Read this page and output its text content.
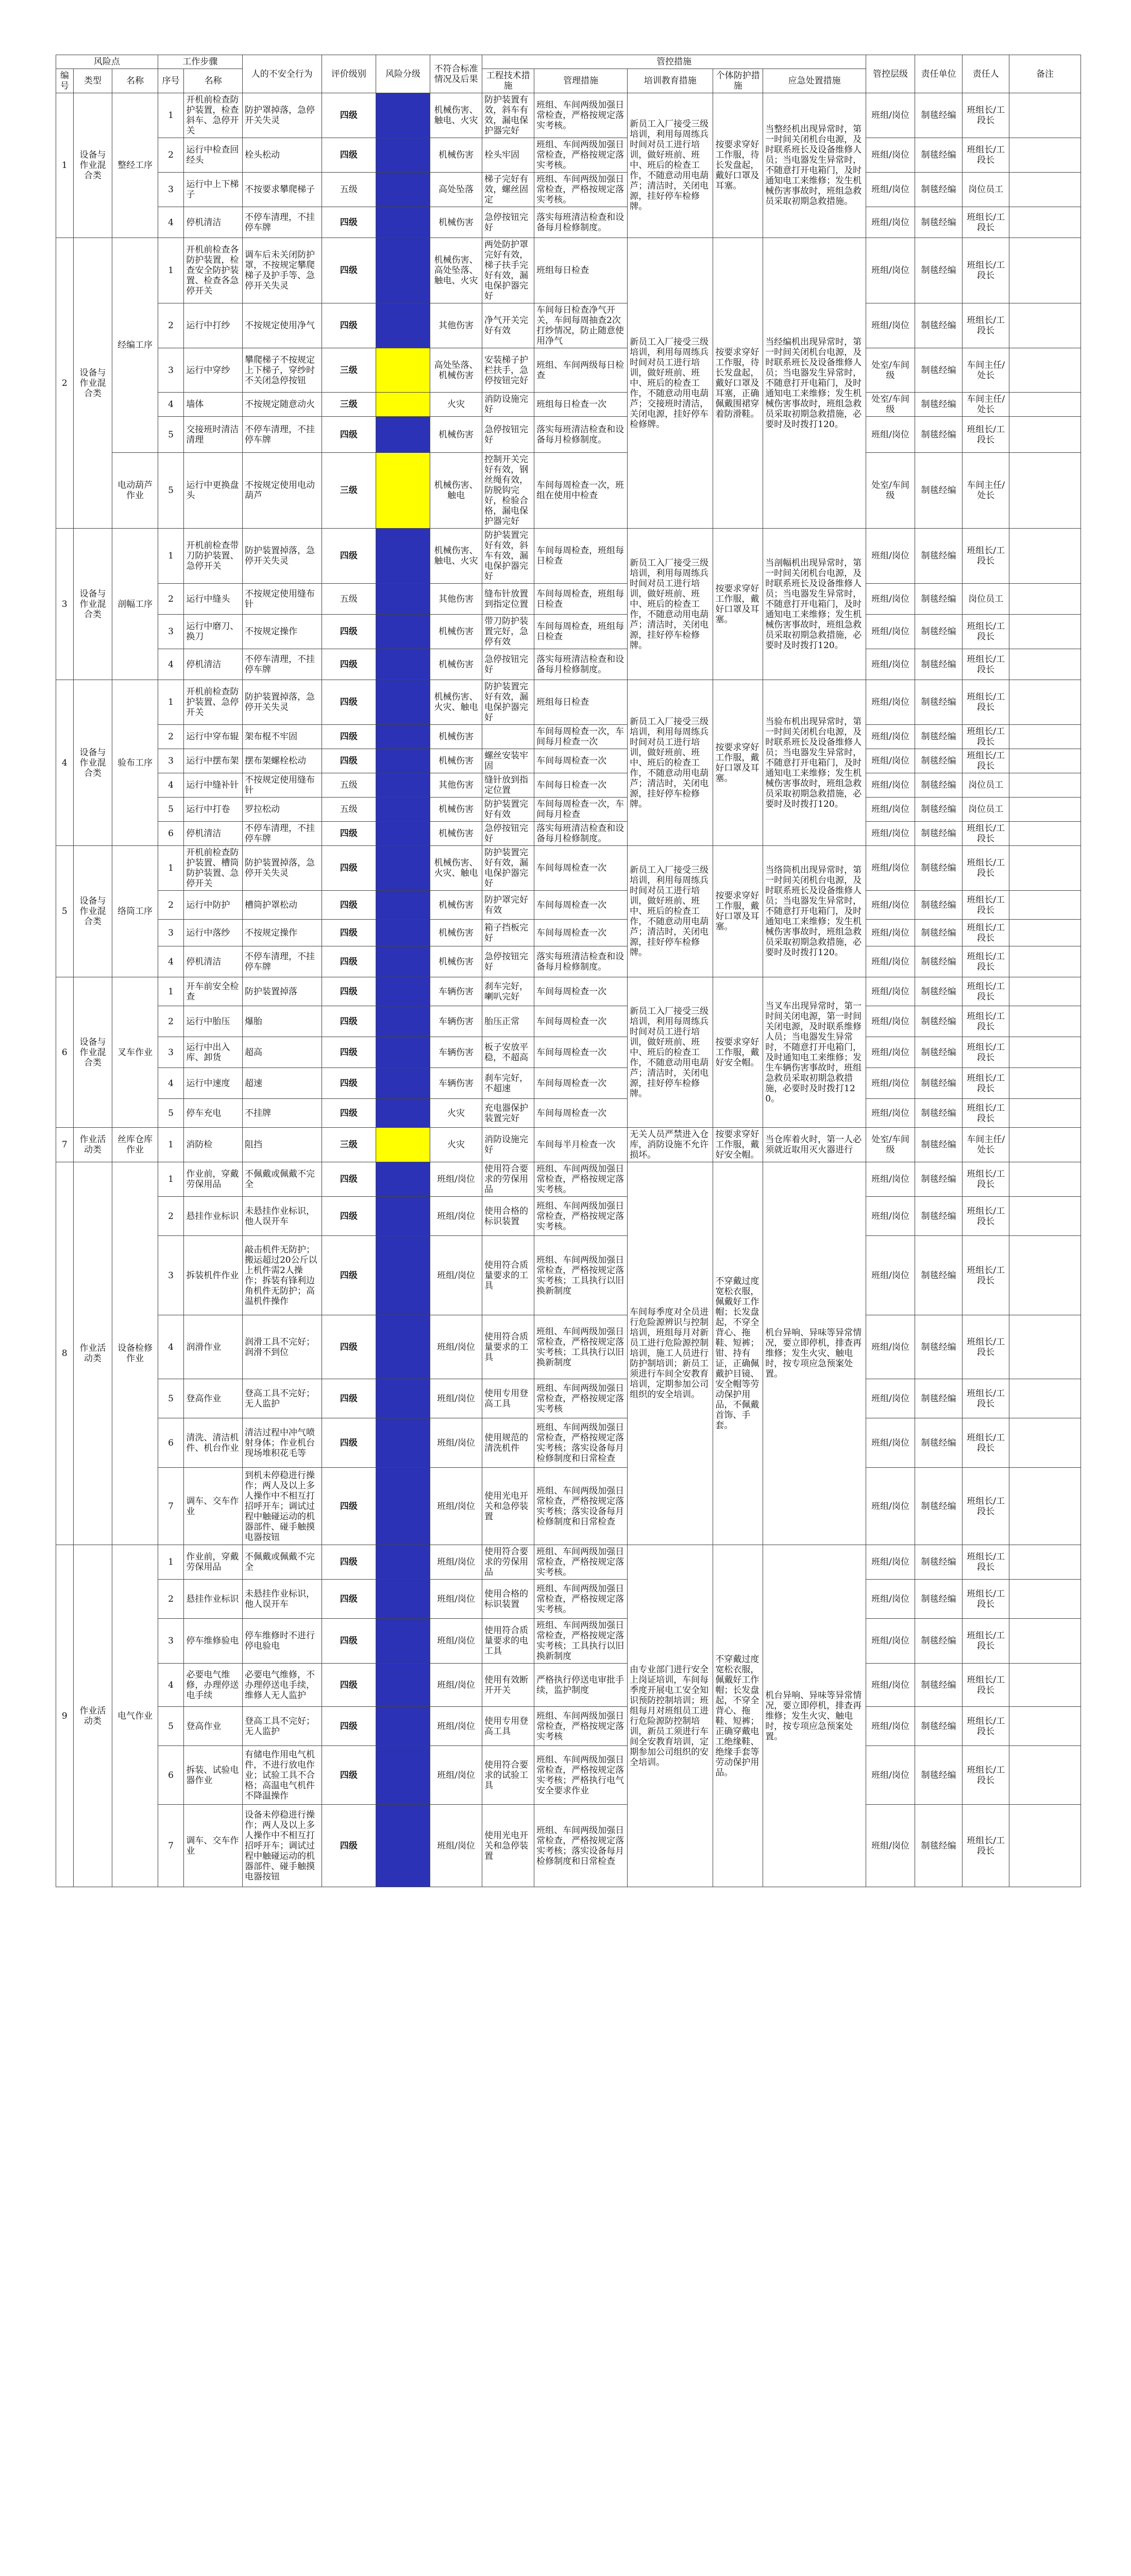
风险点			工作步骤		人的不安全行为	评价级别	风险分级	不符合标准情况及后果	管控措施					管控层级	责任单位	责任人	备注
编号	类型	名称	序号	名称					工程技术措施	管理措施	培训教育措施	个体防护措施	应急处置措施				
1	设备与作业混合类	整经工序	1	开机前检查防护装置，检查斜车、急停开关	防护罩掉落，急停开关失灵	四级		机械伤害、触电、火灾	防护装置有效，斜车有效，漏电保护器完好	班组、车间两级加强日常检查，严格按规定落实考核。	新员工入厂接受三级培训，利用每周练兵时间对员工进行培训，做好班前、班中、班后的检查工作，不随意动用电葫芦；清洁时，关闭电源，挂好停车检修牌。	按要求穿好工作服，待长发盘起，戴好口罩及耳塞。	当整经机出现异常时，第一时间关闭机台电源，及时联系班长及设备维修人员；当电器发生异常时，不随意打开电箱门，及时通知电工来维修；发生机械伤害事故时，班组急救员采取初期急救措施。	班组/岗位	制毯经编	班组长/工段长	
			2	运行中检查回经头	栓头松动	四级		机械伤害	栓头牢固	班组、车间两级加强日常检查，严格按规定落实考核。				班组/岗位	制毯经编	班组长/工段长	
			3	运行中上下梯子	不按要求攀爬梯子	五级		高处坠落	梯子完好有效，螺丝固定	班组、车间两级加强日常检查，严格按规定落实考核。				班组/岗位	制毯经编	岗位员工	
			4	停机清洁	不停车清理，不挂停车牌	四级		机械伤害	急停按钮完好	落实每班清洁检查和设备每月检修制度。				班组/岗位	制毯经编	班组长/工段长	
2	设备与作业混合类	经编工序	1	开机前检查各防护装置，检查安全防护装置、检查各急停开关	调车后未关闭防护罩，不按规定攀爬梯子及护手等、急停开关失灵	四级		机械伤害、高处坠落、触电、火灾	两处防护罩完好有效，梯子扶手完好有效，漏电保护器完好	班组每日检查	新员工入厂接受三级培训，利用每周练兵时间对员工进行培训，做好班前、班中、班后的检查工作，不随意动用电葫芦；交接班时清洁，关闭电源，挂好停车检修牌。	按要求穿好工作服，待长发盘起，戴好口罩及耳塞，正确佩戴围裙穿着防滑鞋。	当经编机出现异常时，第一时间关闭机台电源，及时联系班长及设备维修人员；当电器发生异常时，不随意打开电箱门，及时通知电工来维修；发生机械伤害事故时，班组急救员采取初期急救措施，必要时及时拨打120。	班组/岗位	制毯经编	班组长/工段长	
			2	运行中打纱	不按规定使用净气	四级		其他伤害	净气开关完好有效	车间每日检查净气开关，车间每周抽查2次打纱情况，防止随意使用净气				班组/岗位	制毯经编	班组长/工段长	
			3	运行中穿纱	攀爬梯子不按规定上下梯子，穿纱时不关闭急停按钮	三级		高处坠落、机械伤害	安装梯子护栏扶手，急停按钮完好	班组、车间两级每日检查				处室/车间级	制毯经编	车间主任/处长	
			4	墙体	不按规定随意动火	三级		火灾	消防设施完好	班组每日检查一次				处室/车间级	制毯经编	车间主任/处长	
			5	交接班时清洁清理	不停车清理，不挂停车牌	四级		机械伤害	急停按钮完好	落实每班清洁检查和设备每月检修制度。				班组/岗位	制毯经编	班组长/工段长	
		电动葫芦作业	5	运行中更换盘头	不按规定使用电动葫芦	三级		机械伤害、触电	控制开关完好有效，钢丝绳有效，防脱钩完好，检验合格，漏电保护器完好	车间每周检查一次，班组在使用中检查				处室/车间级	制毯经编	车间主任/处长	
3	设备与作业混合类	剖幅工序	1	开机前检查带刀防护装置、急停开关	防护装置掉落，急停开关失灵	四级		机械伤害、触电、火灾	防护装置完好有效，斜车有效，漏电保护器完好	车间每周检查，班组每日检查	新员工入厂接受三级培训，利用每周练兵时间对员工进行培训，做好班前、班中、班后的检查工作，不随意动用电葫芦；清洁时，关闭电源，挂好停车检修牌。	按要求穿好工作服，戴好口罩及耳塞。	当剖幅机出现异常时，第一时间关闭机台电源，及时联系班长及设备维修人员；当电器发生异常时，不随意打开电箱门，及时通知电工来维修；发生机械伤害事故时，班组急救员采取初期急救措施，必要时及时拨打120。	班组/岗位	制毯经编	班组长/工段长	
			2	运行中缝头	不按规定使用缝布针	五级		其他伤害	缝布针放置到指定位置	车间每周检查，班组每日检查				班组/岗位	制毯经编	岗位员工	
			3	运行中磨刀、换刀	不按规定操作	四级		机械伤害	带刀防护装置完好，急停有效	车间每周检查，班组每日检查				班组/岗位	制毯经编	班组长/工段长	
			4	停机清洁	不停车清理，不挂停车牌	四级		机械伤害	急停按钮完好	落实每班清洁检查和设备每月检修制度。				班组/岗位	制毯经编	班组长/工段长	
4	设备与作业混合类	验布工序	1	开机前检查防护装置、急停开关	防护装置掉落，急停开关失灵	四级		机械伤害、火灾、触电	防护装置完好有效，漏电保护器完好	班组每日检查	新员工入厂接受三级培训，利用每周练兵时间对员工进行培训，做好班前、班中、班后的检查工作，不随意动用电葫芦；清洁时，关闭电源，挂好停车检修牌。	按要求穿好工作服，戴好口罩及耳塞。	当验布机出现异常时，第一时间关闭机台电源，及时联系班长及设备维修人员；当电器发生异常时，不随意打开电箱门，及时通知电工来维修；发生机械伤害事故时，班组急救员采取初期急救措施，必要时及时拨打120。	班组/岗位	制毯经编	班组长/工段长	
			2	运行中穿布辊	架布棍不牢固	四级		机械伤害		车间每周检查一次，车间每月检查一次				班组/岗位	制毯经编	班组长/工段长	
			3	运行中摆布架	摆布架螺栓松动	四级		机械伤害	螺丝安装牢固	车间每周检查一次				班组/岗位	制毯经编	班组长/工段长	
			4	运行中缝补针	不按规定使用缝布针	五级		其他伤害	缝针放到指定位置	车间每日检查一次				班组/岗位	制毯经编	岗位员工	
			5	运行中打卷	罗拉松动	五级		机械伤害	防护装置完好有效	车间每周检查一次，车间每月检查				班组/岗位	制毯经编	岗位员工	
			6	停机清洁	不停车清理，不挂停车牌	四级		机械伤害	急停按钮完好	落实每班清洁检查和设备每月检修制度。				班组/岗位	制毯经编	班组长/工段长	
5	设备与作业混合类	络筒工序	1	开机前检查防护装置、槽筒防护装置、急停开关	防护装置掉落，急停开关失灵	四级		机械伤害、火灾、触电	防护装置完好有效，漏电保护器完好	车间每周检查一次	新员工入厂接受三级培训，利用每周练兵时间对员工进行培训，做好班前、班中、班后的检查工作，不随意动用电葫芦；清洁时，关闭电源，挂好停车检修牌。	按要求穿好工作服，戴好口罩及耳塞。	当络筒机出现异常时，第一时间关闭机台电源，及时联系班长及设备维修人员；当电器发生异常时，不随意打开电箱门，及时通知电工来维修；发生机械伤害事故时，班组急救员采取初期急救措施，必要时及时拨打120。	班组/岗位	制毯经编	班组长/工段长	
			2	运行中防护	槽筒护罩松动	四级		机械伤害	防护罩完好有效	车间每周检查一次				班组/岗位	制毯经编	班组长/工段长	
			3	运行中落纱	不按规定操作	四级		机械伤害	箱子挡板完好	车间每周检查一次				班组/岗位	制毯经编	班组长/工段长	
			4	停机清洁	不停车清理，不挂停车牌	四级		机械伤害	急停按钮完好	落实每班清洁检查和设备每月检修制度。				班组/岗位	制毯经编	班组长/工段长	
6	设备与作业混合类	叉车作业	1	开车前安全检查	防护装置掉落	四级		车辆伤害	刹车完好，喇叭完好	车间每周检查一次	新员工入厂接受三级培训，利用每周练兵时间对员工进行培训，做好班前、班中、班后的检查工作，不随意动用电葫芦；清洁时，关闭电源，挂好停车检修牌。	按要求穿好工作服，戴好安全帽。	当叉车出现异常时，第一时间关闭电源，第一时间关闭电源，及时联系维修人员；当电器发生异常时，不随意打开电箱门，及时通知电工来维修；发生车辆伤害事故时，班组急救员采取初期急救措施，必要时及时拨打120。	班组/岗位	制毯经编	班组长/工段长	
			2	运行中胎压	爆胎	四级		车辆伤害	胎压正常	车间每周检查一次				班组/岗位	制毯经编	班组长/工段长	
			3	运行中出入库、卸货	超高	四级		车辆伤害	板子安放平稳，不超高	车间每周检查一次				班组/岗位	制毯经编	班组长/工段长	
			4	运行中速度	超速	四级		车辆伤害	刹车完好，不超速	车间每周检查一次				班组/岗位	制毯经编	班组长/工段长	
			5	停车充电	不挂牌	四级		火灾	充电器保护装置完好	车间每周检查一次				班组/岗位	制毯经编	班组长/工段长	
7	作业活动类	丝库仓库作业	1	消防检	阻挡	三级		火灾	消防设施完好	车间每半月检查一次	无关人员严禁进入仓库，消防设施不允许损坏。	按要求穿好工作服，戴好安全帽。	当仓库着火时，第一人必须就近取用灭火器进行	处室/车间级	制毯经编	车间主任/处长	
8	作业活动类	设备检修作业	1	作业前，穿戴劳保用品	不佩戴或佩戴不完全	四级		班组/岗位	使用符合要求的劳保用品	班组、车间两级加强日常检查，严格按规定落实考核。	车间每季度对全员进行危险源辨识与控制培训，班组每月对新员工进行危险源控制培训，施工人员进行防护制培训；新员工须进行车间全安教育培训，定期参加公司组织的安全培训。	不穿戴过度宽松衣服，佩戴好工作帽；长发盘起，不穿全背心、拖鞋、短裤；钳、持有证，正确佩戴护目镜、安全帽等劳动保护用品，不佩戴首饰、手套。	机台异响、异味等异常情况，要立即停机，排查再维修；发生火灾、触电时，按专项应急预案处置。	班组/岗位	制毯经编	班组长/工段长	
			2	悬挂作业标识	未悬挂作业标识，他人误开车	四级		班组/岗位	使用合格的标识装置	班组、车间两级加强日常检查，严格按规定落实考核。				班组/岗位	制毯经编	班组长/工段长	
			3	拆装机件作业	敲击机件无防护；搬运超过20公斤以上机件需2人操作；拆装有锋利边角机件无防护；高温机件操作	四级		班组/岗位	使用符合质量要求的工具	班组、车间两级加强日常检查，严格按规定落实考核；工具执行以旧换新制度				班组/岗位	制毯经编	班组长/工段长	
			4	润滑作业	润滑工具不完好；润滑不到位	四级		班组/岗位	使用符合质量要求的工具	班组、车间两级加强日常检查，严格按规定落实考核；工具执行以旧换新制度				班组/岗位	制毯经编	班组长/工段长	
			5	登高作业	登高工具不完好；无人监护	四级		班组/岗位	使用专用登高工具	班组、车间两级加强日常检查，严格按规定落实考核				班组/岗位	制毯经编	班组长/工段长	
			6	清洗、清洁机件、机台作业	清洁过程中冲气喷射身体；作业机台现场堆积花毛等	四级		班组/岗位	使用规范的清洗机件	班组、车间两级加强日常检查，严格按规定落实考核；落实设备每月检修制度和日常检查				班组/岗位	制毯经编	班组长/工段长	
			7	调车、交车作业	到机未停稳进行操作；两人及以上多人操作中不相互打招呼开车；调试过程中触碰运动的机器部件、碰手触摸电器按钮	四级		班组/岗位	使用光电开关和急停装置	班组、车间两级加强日常检查，严格按规定落实考核；落实设备每月检修制度和日常检查				班组/岗位	制毯经编	班组长/工段长	
9	作业活动类	电气作业	1	作业前，穿戴劳保用品	不佩戴或佩戴不完全	四级		班组/岗位	使用符合要求的劳保用品	班组、车间两级加强日常检查，严格按规定落实考核。	由专业部门进行安全上岗证培训，车间每季度开展电工安全知识预防控制培训；班组每月对班组员工进行危险源防控制培训，新员工须进行车间全安教育培训，定期参加公司组织的安全培训。	不穿戴过度宽松衣服，佩戴好工作帽；长发盘起，不穿全背心、拖鞋、短裤；正确穿戴电工绝缘鞋、绝缘手套等劳动保护用品。	机台异响、异味等异常情况，要立即停机，排查再维修；发生火灾、触电时，按专项应急预案处置。	班组/岗位	制毯经编	班组长/工段长	
			2	悬挂作业标识	未悬挂作业标识，他人误开车	四级		班组/岗位	使用合格的标识装置	班组、车间两级加强日常检查，严格按规定落实考核。				班组/岗位	制毯经编	班组长/工段长	
			3	停车维修验电	停车维修时不进行停电验电	四级		班组/岗位	使用符合质量要求的电工具	班组、车间两级加强日常检查，严格按规定落实考核；工具执行以旧换新制度				班组/岗位	制毯经编	班组长/工段长	
			4	必要电气维修，办理停送电手续	必要电气维修，不办理停送电手续，维修人无人监护	四级		班组/岗位	使用有效断开开关	严格执行停送电审批手续，监护制度				班组/岗位	制毯经编	班组长/工段长	
			5	登高作业	登高工具不完好；无人监护	四级		班组/岗位	使用专用登高工具	班组、车间两级加强日常检查，严格按规定落实考核				班组/岗位	制毯经编	班组长/工段长	
			6	拆装、试验电器作业	有储电作用电气机件，不进行放电作业；试验工具不合格；高温电气机件不降温操作	四级		班组/岗位	使用符合要求的试验工具	班组、车间两级加强日常检查，严格按规定落实考核；严格执行电气安全要求作业				班组/岗位	制毯经编	班组长/工段长	
			7	调车、交车作业	设备未停稳进行操作；两人及以上多人操作中不相互打招呼开车；调试过程中触碰运动的机器部件、碰手触摸电器按钮	四级		班组/岗位	使用光电开关和急停装置	班组、车间两级加强日常检查，严格按规定落实考核；落实设备每月检修制度和日常检查				班组/岗位	制毯经编	班组长/工段长	
